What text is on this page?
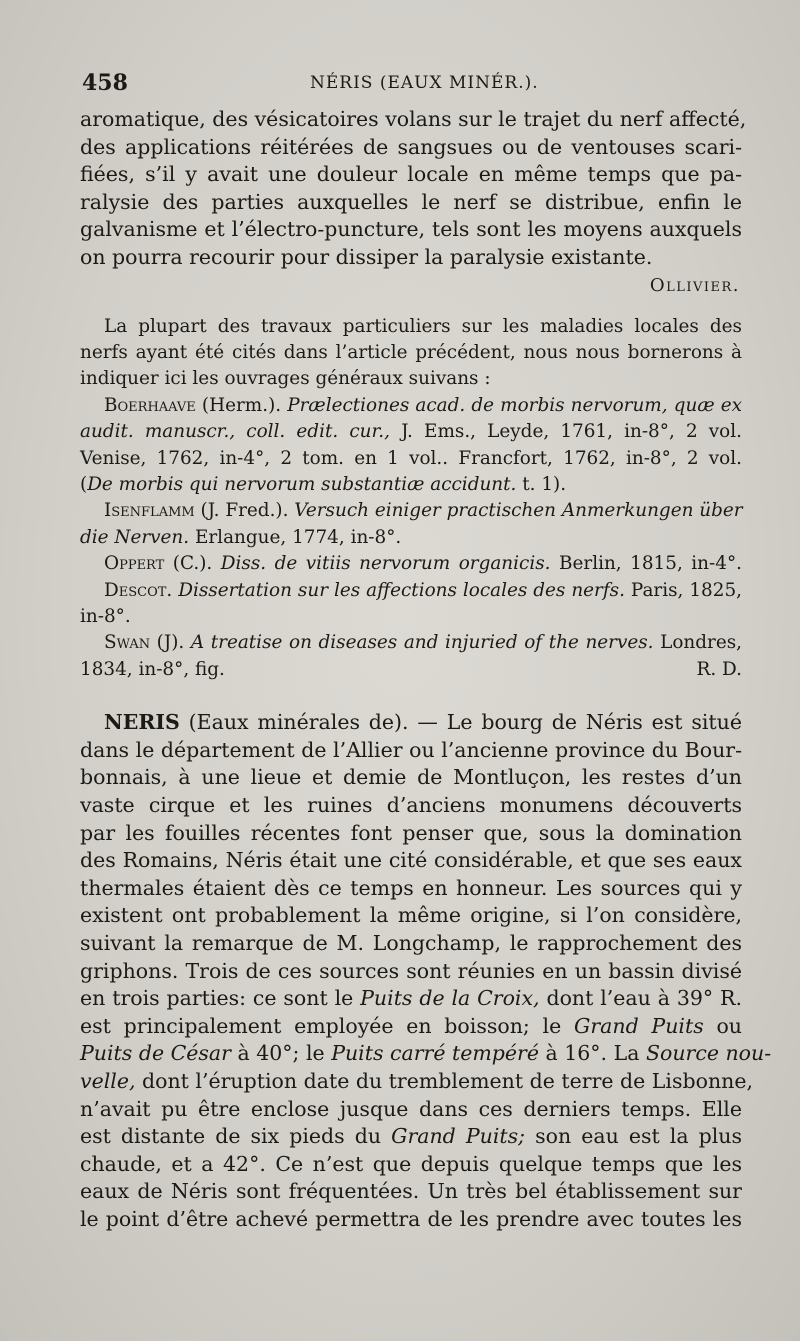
458	NÉRIS (EAUX MINÉR.).
aromatique, des vésicatoires volans sur le trajet du nerf affecté,
des applications réitérées de sangsues ou de ventouses scari-
fiées, s’il y avait une douleur locale en même temps que pa-
ralysie des parties auxquelles le nerf se distribue, enfin le
galvanisme et l’électro-puncture, tels sont les moyens auxquels
on pourra recourir pour dissiper la paralysie existante.
Ollivier.
La plupart des travaux particuliers sur les maladies locales des
nerfs ayant été cités dans l’article précédent, nous nous bornerons à
indiquer ici les ouvrages généraux suivans :
Boerhaave (Herm.). Prælectiones acad. de morbis nervorum, quæ ex
audit. manuscr., coll. edit. cur., J. Ems., Leyde, 1761, in-8°, 2 vol.
Venise, 1762, in-4°, 2 tom. en 1 vol.. Francfort, 1762, in-8°, 2 vol.
(De morbis qui nervorum substantiæ accidunt. t. 1).
Isenflamm (J. Fred.). Versuch einiger practischen Anmerkungen über
die Nerven. Erlangue, 1774, in-8°.
Oppert (C.). Diss. de vitiis nervorum organicis. Berlin, 1815, in-4°.
Descot. Dissertation sur les affections locales des nerfs. Paris, 1825,
in-8°.
Swan (J). A treatise on diseases and injuried of the nerves. Londres,
1834, in-8°, fig.	R. D.
NERIS (Eaux minérales de). — Le bourg de Néris est situé
dans le département de l’Allier ou l’ancienne province du Bour-
bonnais, à une lieue et demie de Montluçon, les restes d’un
vaste cirque et les ruines d’anciens monumens découverts
par les fouilles récentes font penser que, sous la domination
des Romains, Néris était une cité considérable, et que ses eaux
thermales étaient dès ce temps en honneur. Les sources qui y
existent ont probablement la même origine, si l’on considère,
suivant la remarque de M. Longchamp, le rapprochement des
griphons. Trois de ces sources sont réunies en un bassin divisé
en trois parties: ce sont le Puits de la Croix, dont l’eau à 39° R.
est principalement employée en boisson; le Grand Puits ou
Puits de César à 40°; le Puits carré tempéré à 16°. La Source nou-
velle, dont l’éruption date du tremblement de terre de Lisbonne,
n’avait pu être enclose jusque dans ces derniers temps. Elle
est distante de six pieds du Grand Puits; son eau est la plus
chaude, et a 42°. Ce n’est que depuis quelque temps que les
eaux de Néris sont fréquentées. Un très bel établissement sur
le point d’être achevé permettra de les prendre avec toutes les
